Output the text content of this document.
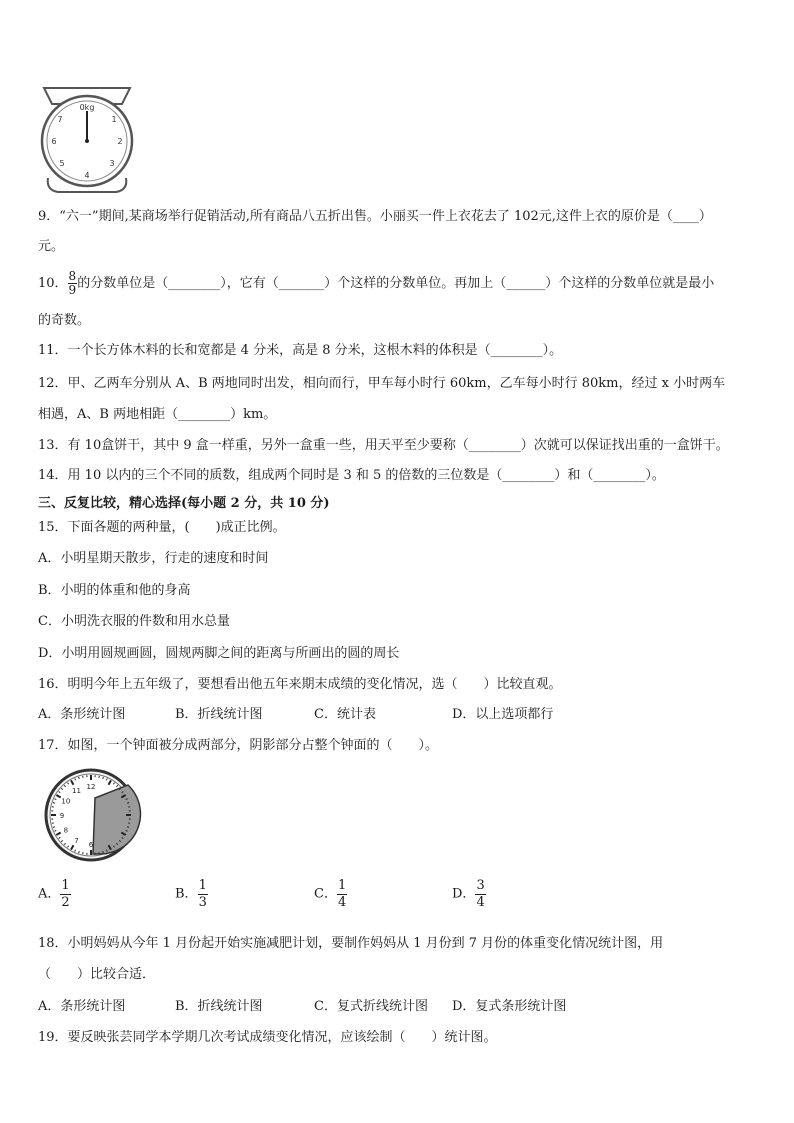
0kg
1
2
3
4
5
6
7
9．“六一”期间,某商场举行促销活动,所有商品八五折出售。小丽买一件上衣花去了 102元,这件上衣的原价是（____）
元。
10． $\frac{8}{9}$ 的分数单位是（________），它有（_______）个这样的分数单位。再加上（______）个这样的分数单位就是最小
的奇数。
11．一个长方体木料的长和宽都是 4 分米，高是 8 分米，这根木料的体积是（________）。
12．甲、乙两车分别从 A、B 两地同时出发，相向而行，甲车每小时行 60km，乙车每小时行 80km，经过 x 小时两车
相遇，A、B 两地相距（________）km。
13．有 10盒饼干，其中 9 盒一样重，另外一盒重一些，用天平至少要称（________）次就可以保证找出重的一盒饼干。
14．用 10 以内的三个不同的质数，组成两个同时是 3 和 5 的倍数的三位数是（________）和（________）。
三、反复比较，精心选择(每小题 2 分，共 10 分)
15．下面各题的两种量，(　　)成正比例。
A．小明星期天散步，行走的速度和时间
B．小明的体重和他的身高
C．小明洗衣服的件数和用水总量
D．小明用圆规画圆，圆规两脚之间的距离与所画出的圆的周长
16．明明今年上五年级了，要想看出他五年来期末成绩的变化情况，选（　　）比较直观。
A．条形统计图	B．折线统计图	C．统计表	D．以上选项都行
17．如图，一个钟面被分成两部分，阴影部分占整个钟面的（　　）。
12
6
7
8
9
10
11
A． $\frac{1}{2}$	B． $\frac{1}{3}$	C． $\frac{1}{4}$	D． $\frac{3}{4}$
18．小明妈妈从今年 1 月份起开始实施减肥计划，要制作妈妈从 1 月份到 7 月份的体重变化情况统计图，用
（　　）比较合适．
A．条形统计图	B．折线统计图	C．复式折线统计图 D．复式条形统计图
19．要反映张芸同学本学期几次考试成绩变化情况，应该绘制（　　）统计图。
